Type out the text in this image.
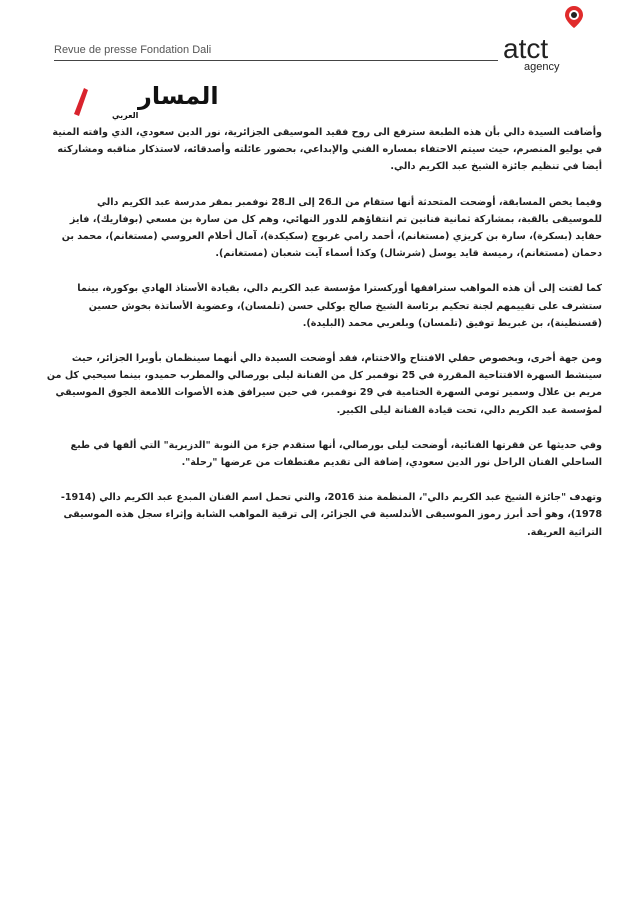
Revue de presse Fondation Dali	atct
agency
المسار
العربي

وأضافت السيدة دالي بأن هذه الطبعة سترفع الى روح فقيد الموسيقى الجزائرية، نور الدين سعودي، الذي وافته المنية في يوليو المنصرم، حيث سيتم الاحتفاء بمساره الفني والإبداعي، بحضور عائلته وأصدقائه، لاستذكار مناقبه ومشاركته أيضا في تنظيم جائزة الشيخ عبد الكريم دالي.

وفيما يخص المسابقة، أوضحت المتحدثة أنها ستقام من الـ26 إلى الـ28 نوفمبر بمقر مدرسة عبد الكريم دالي للموسيقى بالقبة، بمشاركة ثمانية فنانين تم انتقاؤهم للدور النهائي، وهم كل من سارة بن مسعي (بوفاريك)، فايز حفايد (بسكرة)، سارة بن كريزي (مستغانم)، أحمد رامي غربوج (سكيكدة)، آمال أحلام العروسي (مستغانم)، محمد بن دحمان (مستغانم)، رميسة قايد يوسل (شرشال) وكذا أسماء آيت شعبان (مستغانم).

كما لفتت إلى أن هذه المواهب سترافقها أوركسترا مؤسسة عبد الكريم دالي، بقيادة الأستاذ الهادي بوكورة، بينما ستشرف على تقييمهم لجنة تحكيم برئاسة الشيخ صالح بوكلي حسن (تلمسان)، وعضوية الأساتذة بخوش حسين (قسنطينة)، بن غبريط توفيق (تلمسان) وبلعربي محمد (البليدة).

ومن جهة أخرى، وبخصوص حفلي الافتتاح والاختتام، فقد أوضحت السيدة دالي أنهما سينظمان بأوبرا الجزائر، حيث سينشط السهرة الافتتاحية المقررة في 25 نوفمبر كل من الفنانة ليلى بورصالي والمطرب حميدو، بينما سيحيي كل من مريم بن علال وسمير تومي السهرة الختامية في 29 نوفمبر، في حين سيرافق هذه الأصوات اللامعة الجوق الموسيقي لمؤسسة عبد الكريم دالي، تحت قيادة الفنانة ليلى الكبير.

وفي حديثها عن فقرتها الفنائية، أوضحت ليلى بورصالي، أنها ستقدم جزء من النوبة "الدزيرية" التي ألفها في طبع الساحلي الفنان الراحل نور الدين سعودي، إضافة الى تقديم مقتطفات من عرضها "رحلة".

وتهدف "جائزة الشيخ عبد الكريم دالي"، المنظمة منذ 2016، والتي تحمل اسم الفنان المبدع عبد الكريم دالي (1914- 1978)، وهو أحد أبرز رموز الموسيقى الأندلسية في الجزائر، إلى ترقية المواهب الشابة وإثراء سجل هذه الموسيقى التراثية العريقة.
